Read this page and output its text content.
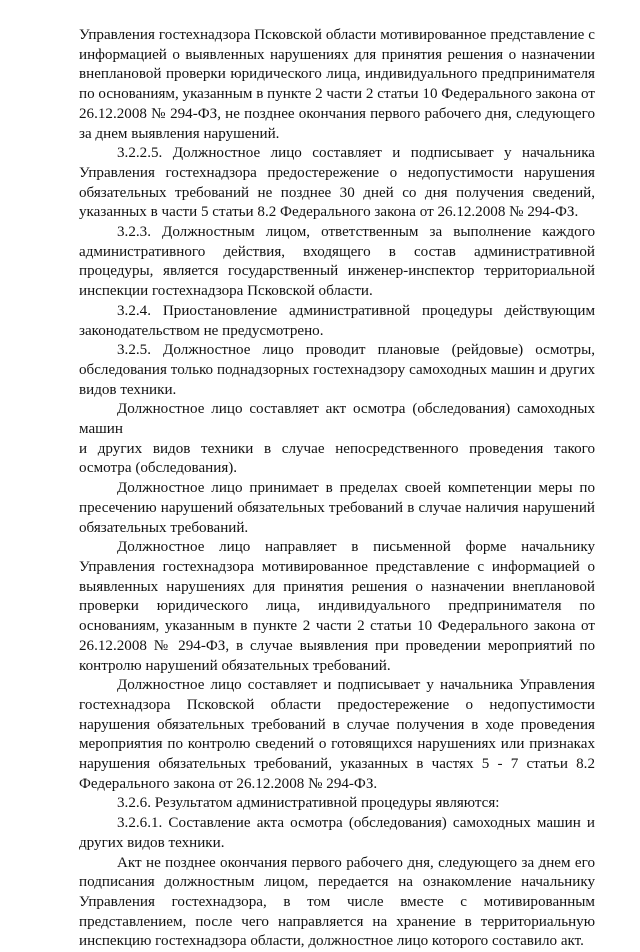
Управления гостехнадзора Псковской области мотивированное представление с информацией о выявленных нарушениях для принятия решения о назначении внеплановой проверки юридического лица, индивидуального предпринимателя по основаниям, указанным в пункте 2 части 2 статьи 10 Федерального закона от 26.12.2008 № 294-ФЗ, не позднее окончания первого рабочего дня, следующего за днем выявления нарушений.

3.2.2.5. Должностное лицо составляет и подписывает у начальника Управления гостехнадзора предостережение о недопустимости нарушения обязательных требований не позднее 30 дней со дня получения сведений, указанных в части 5 статьи 8.2 Федерального закона от 26.12.2008 № 294-ФЗ.

3.2.3. Должностным лицом, ответственным за выполнение каждого административного действия, входящего в состав административной процедуры, является государственный инженер-инспектор территориальной инспекции гостехнадзора Псковской области.

3.2.4. Приостановление административной процедуры действующим законодательством не предусмотрено.

3.2.5. Должностное лицо проводит плановые (рейдовые) осмотры, обследования только поднадзорных гостехнадзору самоходных машин и других видов техники.

Должностное лицо составляет акт осмотра (обследования) самоходных машин

и других видов техники в случае непосредственного проведения такого осмотра (обследования).

Должностное лицо принимает в пределах своей компетенции меры по пресечению нарушений обязательных требований в случае наличия нарушений обязательных требований.

Должностное лицо направляет в письменной форме начальнику Управления гостехнадзора мотивированное представление с информацией о выявленных нарушениях для принятия решения о назначении внеплановой проверки юридического лица, индивидуального предпринимателя по основаниям, указанным в пункте 2 части 2 статьи 10 Федерального закона от 26.12.2008 № 294-ФЗ, в случае выявления при проведении мероприятий по контролю нарушений обязательных требований.

Должностное лицо составляет и подписывает у начальника Управления гостехнадзора Псковской области предостережение о недопустимости нарушения обязательных требований в случае получения в ходе проведения мероприятия по контролю сведений о готовящихся нарушениях или признаках нарушения обязательных требований, указанных в частях 5 - 7 статьи 8.2 Федерального закона от 26.12.2008 № 294-ФЗ.

3.2.6. Результатом административной процедуры являются:

3.2.6.1. Составление акта осмотра (обследования) самоходных машин и других видов техники.

Акт не позднее окончания первого рабочего дня, следующего за днем его подписания должностным лицом, передается на ознакомление начальнику Управления гостехнадзора, в том числе вместе с мотивированным представлением, после чего направляется на хранение в территориальную инспекцию гостехнадзора области, должностное лицо которого составило акт.
